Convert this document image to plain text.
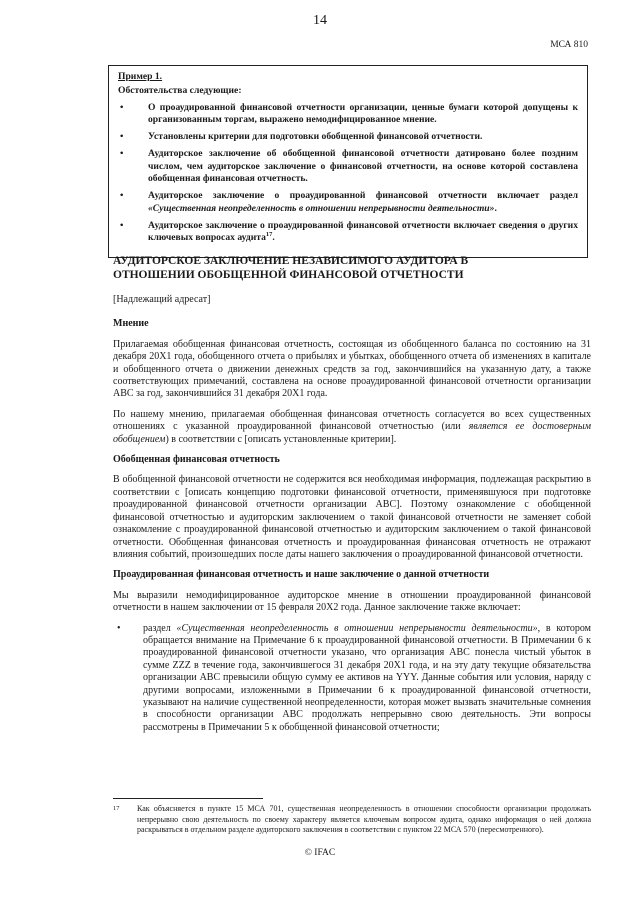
14
МСА 810
Пример 1.
Обстоятельства следующие:
• О проаудированной финансовой отчетности организации, ценные бумаги которой допущены к организованным торгам, выражено немодифицированное мнение.
• Установлены критерии для подготовки обобщенной финансовой отчетности.
• Аудиторское заключение об обобщенной финансовой отчетности датировано более поздним числом, чем аудиторское заключение о финансовой отчетности, на основе которой составлена обобщенная финансовая отчетность.
• Аудиторское заключение о проаудированной финансовой отчетности включает раздел «Существенная неопределенность в отношении непрерывности деятельности».
• Аудиторское заключение о проаудированной финансовой отчетности включает сведения о других ключевых вопросах аудита$^{17}$.
АУДИТОРСКОЕ ЗАКЛЮЧЕНИЕ НЕЗАВИСИМОГО АУДИТОРА В ОТНОШЕНИИ ОБОБЩЕННОЙ ФИНАНСОВОЙ ОТЧЕТНОСТИ
[Надлежащий адресат]
Мнение

Прилагаемая обобщенная финансовая отчетность, состоящая из обобщенного баланса по состоянию на 31 декабря 20X1 года, обобщенного отчета о прибылях и убытках, обобщенного отчета об изменениях в капитале и обобщенного отчета о движении денежных средств за год, закончившийся на указанную дату, а также соответствующих примечаний, составлена на основе проаудированной финансовой отчетности организации ABC за год, закончившийся 31 декабря 20X1 года.

По нашему мнению, прилагаемая обобщенная финансовая отчетность согласуется во всех существенных отношениях с указанной проаудированной финансовой отчетностью (или является ее достоверным обобщением) в соответствии с [описать установленные критерии].

Обобщенная финансовая отчетность

В обобщенной финансовой отчетности не содержится вся необходимая информация, подлежащая раскрытию в соответствии с [описать концепцию подготовки финансовой отчетности, применявшуюся при подготовке проаудированной финансовой отчетности организации ABC]. Поэтому ознакомление с обобщенной финансовой отчетностью и аудиторским заключением о такой финансовой отчетности не заменяет собой ознакомление с проаудированной финансовой отчетностью и аудиторским заключением о такой финансовой отчетности. Обобщенная финансовая отчетность и проаудированная финансовая отчетность не отражают влияния событий, произошедших после даты нашего заключения о проаудированной финансовой отчетности.

Проаудированная финансовая отчетность и наше заключение о данной отчетности

Мы выразили немодифицированное аудиторское мнение в отношении проаудированной финансовой отчетности в нашем заключении от 15 февраля 20X2 года. Данное заключение также включает:

• раздел «Существенная неопределенность в отношении непрерывности деятельности», в котором обращается внимание на Примечание 6 к проаудированной финансовой отчетности. В Примечании 6 к проаудированной финансовой отчетности указано, что организация ABC понесла чистый убыток в сумме ZZZ в течение года, закончившегося 31 декабря 20X1 года, и на эту дату текущие обязательства организации ABC превысили общую сумму ее активов на YYY. Данные события или условия, наряду с другими вопросами, изложенными в Примечании 6 к проаудированной финансовой отчетности, указывают на наличие существенной неопределенности, которая может вызвать значительные сомнения в способности организации ABC продолжать непрерывно свою деятельность. Эти вопросы рассмотрены в Примечании 5 к обобщенной финансовой отчетности;
17	Как объясняется в пункте 15 МСА 701, существенная неопределенность в отношении способности организации продолжать непрерывно свою деятельность по своему характеру является ключевым вопросом аудита, однако информация о ней должна раскрываться в отдельном разделе аудиторского заключения в соответствии с пунктом 22 МСА 570 (пересмотренного).
© IFAC
